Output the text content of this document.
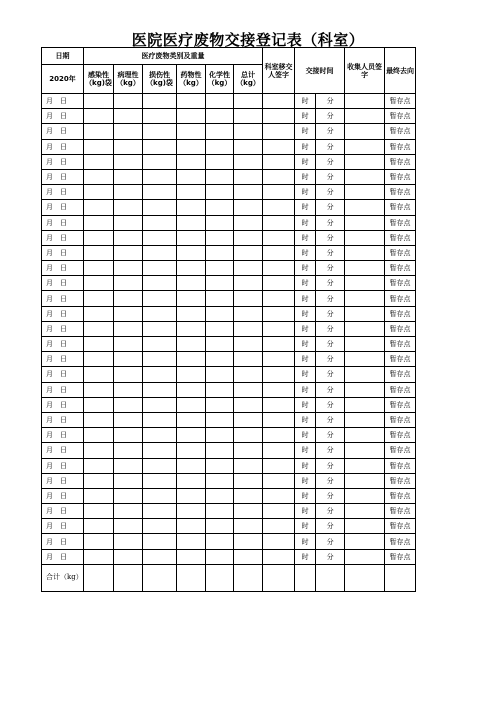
医院医疗废物交接登记表（科室）
日期	医疗废物类别及重量						科室移交人签字	交接时间		收集人员签字	最终去向
2020年	感染性（kg)袋	病理性（kg）	损伤性（kg)袋	药物性（kg）	化学性（kg）	总计（kg）					
月 日								时	分		暂存点
月 日								时	分		暂存点
月 日								时	分		暂存点
月 日								时	分		暂存点
月 日								时	分		暂存点
月 日								时	分		暂存点
月 日								时	分		暂存点
月 日								时	分		暂存点
月 日								时	分		暂存点
月 日								时	分		暂存点
月 日								时	分		暂存点
月 日								时	分		暂存点
月 日								时	分		暂存点
月 日								时	分		暂存点
月 日								时	分		暂存点
月 日								时	分		暂存点
月 日								时	分		暂存点
月 日								时	分		暂存点
月 日								时	分		暂存点
月 日								时	分		暂存点
月 日								时	分		暂存点
月 日								时	分		暂存点
月 日								时	分		暂存点
月 日								时	分		暂存点
月 日								时	分		暂存点
月 日								时	分		暂存点
月 日								时	分		暂存点
月 日								时	分		暂存点
月 日								时	分		暂存点
月 日								时	分		暂存点
月 日								时	分		暂存点
合计（kg）											
